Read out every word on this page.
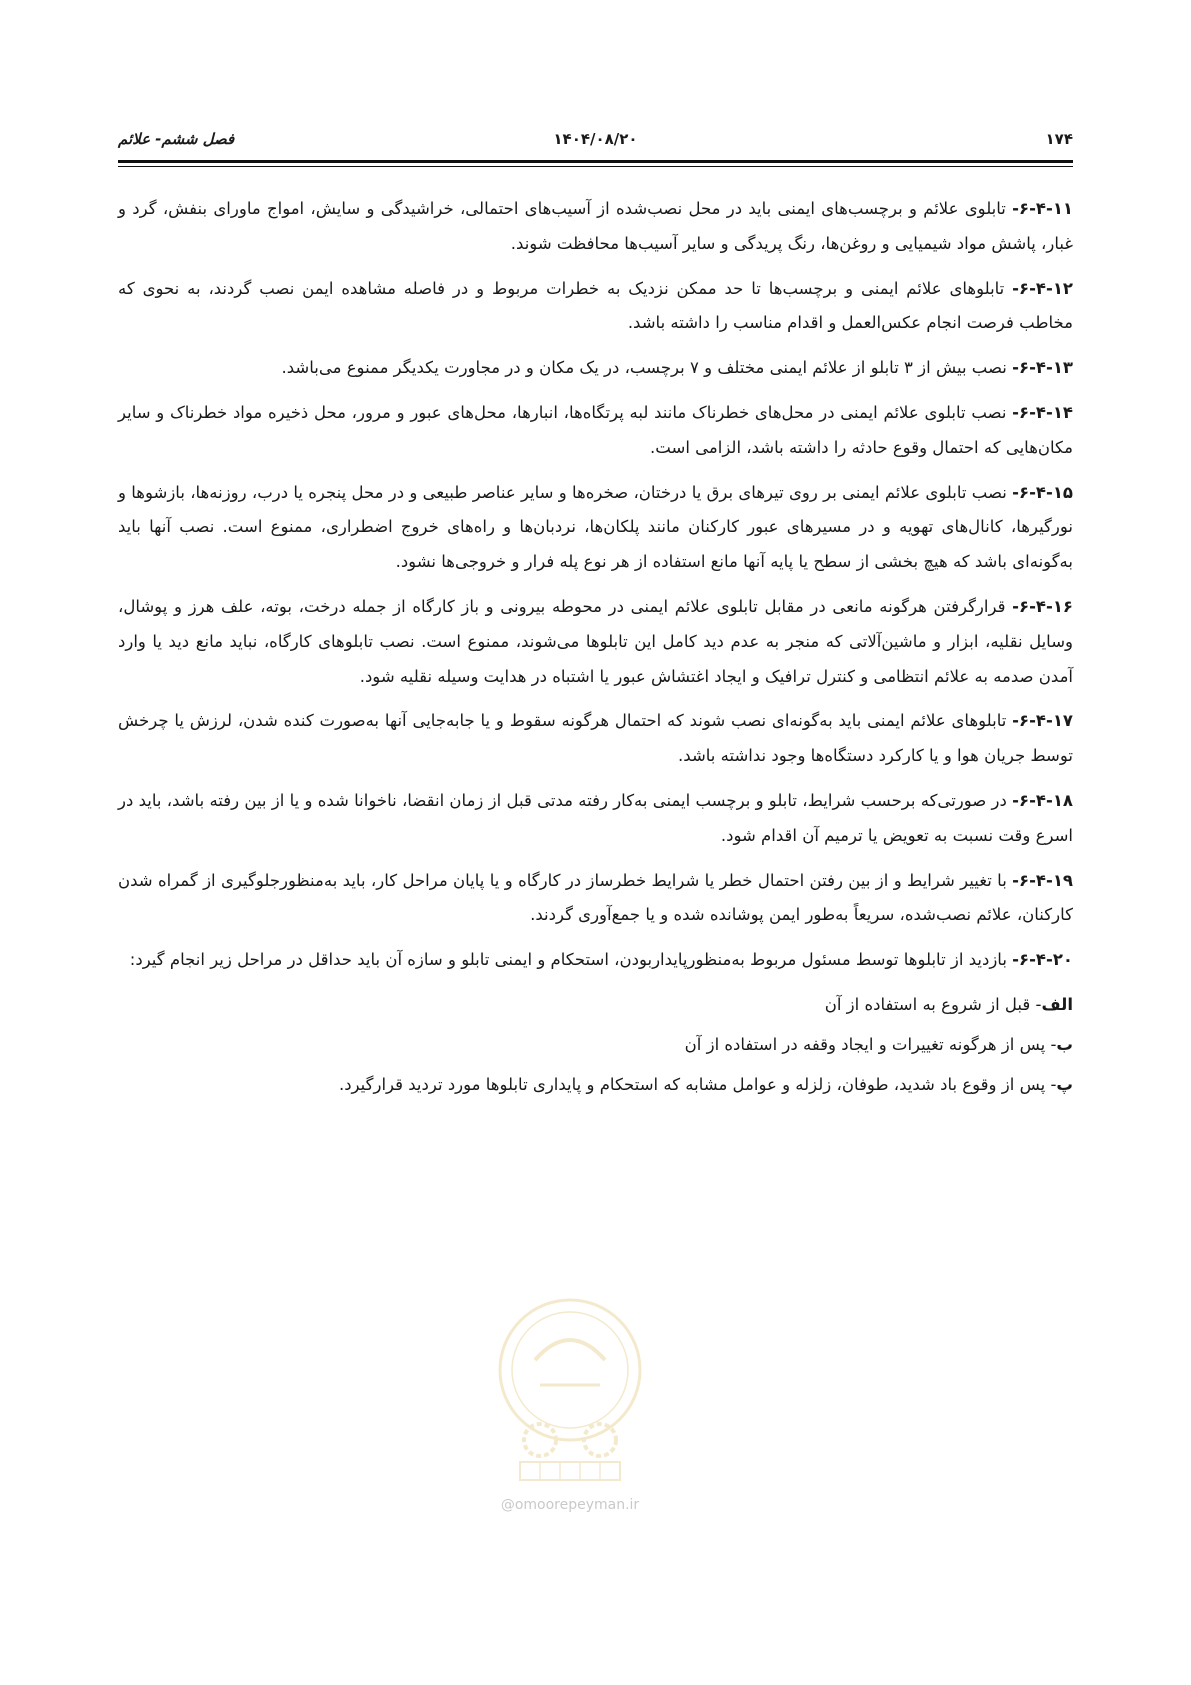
۱۷۴
۱۴۰۴/۰۸/۲۰
فصل ششم- علائم

۶-۴-۱۱- تابلوی علائم و برچسب‌های ایمنی باید در محل نصب‌شده از آسیب‌های احتمالی، خراشیدگی و سایش، امواج ماورای بنفش، گرد و غبار، پاشش مواد شیمیایی و روغن‌ها، رنگ پریدگی و سایر آسیب‌ها محافظت شوند.

۶-۴-۱۲- تابلوهای علائم ایمنی و برچسب‌ها تا حد ممکن نزدیک به خطرات مربوط و در فاصله مشاهده ایمن نصب گردند، به نحوی که مخاطب فرصت انجام عکس‌العمل و اقدام مناسب را داشته باشد.

۶-۴-۱۳- نصب بیش از ۳ تابلو از علائم ایمنی مختلف و ۷ برچسب، در یک مکان و در مجاورت یکدیگر ممنوع می‌باشد.

۶-۴-۱۴- نصب تابلوی علائم ایمنی در محل‌های خطرناک مانند لبه پرتگاه‌ها، انبارها، محل‌های عبور و مرور، محل ذخیره مواد خطرناک و سایر مکان‌هایی که احتمال وقوع حادثه را داشته باشد، الزامی است.

۶-۴-۱۵- نصب تابلوی علائم ایمنی بر روی تیرهای برق یا درختان، صخره‌ها و سایر عناصر طبیعی و در محل پنجره یا درب، روزنه‌ها، بازشوها و نورگیرها، کانال‌های تهویه و در مسیرهای عبور کارکنان مانند پلکان‌ها، نردبان‌ها و راه‌های خروج اضطراری، ممنوع است. نصب آنها باید به‌گونه‌ای باشد که هیچ بخشی از سطح یا پایه آنها مانع استفاده از هر نوع پله فرار و خروجی‌ها نشود.

۶-۴-۱۶- قرارگرفتن هرگونه مانعی در مقابل تابلوی علائم ایمنی در محوطه بیرونی و باز کارگاه از جمله درخت، بوته، علف هرز و پوشال، وسایل نقلیه، ابزار و ماشین‌آلاتی که منجر به عدم دید کامل این تابلوها می‌شوند، ممنوع است. نصب تابلوهای کارگاه، نباید مانع دید یا وارد آمدن صدمه به علائم انتظامی و کنترل ترافیک و ایجاد اغتشاش عبور یا اشتباه در هدایت وسیله نقلیه شود.

۶-۴-۱۷- تابلوهای علائم ایمنی باید به‌گونه‌ای نصب شوند که احتمال هرگونه سقوط و یا جابه‌جایی آنها به‌صورت کنده شدن، لرزش یا چرخش توسط جریان هوا و یا کارکرد دستگاه‌ها وجود نداشته باشد.

۶-۴-۱۸- در صورتی‌که برحسب شرایط، تابلو و برچسب ایمنی به‌کار رفته مدتی قبل از زمان انقضا، ناخوانا شده و یا از بین رفته باشد، باید در اسرع وقت نسبت به تعویض یا ترمیم آن اقدام شود.

۶-۴-۱۹- با تغییر شرایط و از بین رفتن احتمال خطر یا شرایط خطرساز در کارگاه و یا پایان مراحل کار، باید به‌منظورجلوگیری از گمراه شدن کارکنان، علائم نصب‌شده، سریعاً به‌طور ایمن پوشانده شده و یا جمع‌آوری گردند.

۶-۴-۲۰- بازدید از تابلوها توسط مسئول مربوط به‌منظورپایداربودن، استحکام و ایمنی تابلو و سازه آن باید حداقل در مراحل زیر انجام گیرد:

الف- قبل از شروع به استفاده از آن

ب- پس از هرگونه تغییرات و ایجاد وقفه در استفاده از آن

پ- پس از وقوع باد شدید، طوفان، زلزله و عوامل مشابه که استحکام و پایداری تابلوها مورد تردید قرارگیرد.

@omoorepeyman.ir
